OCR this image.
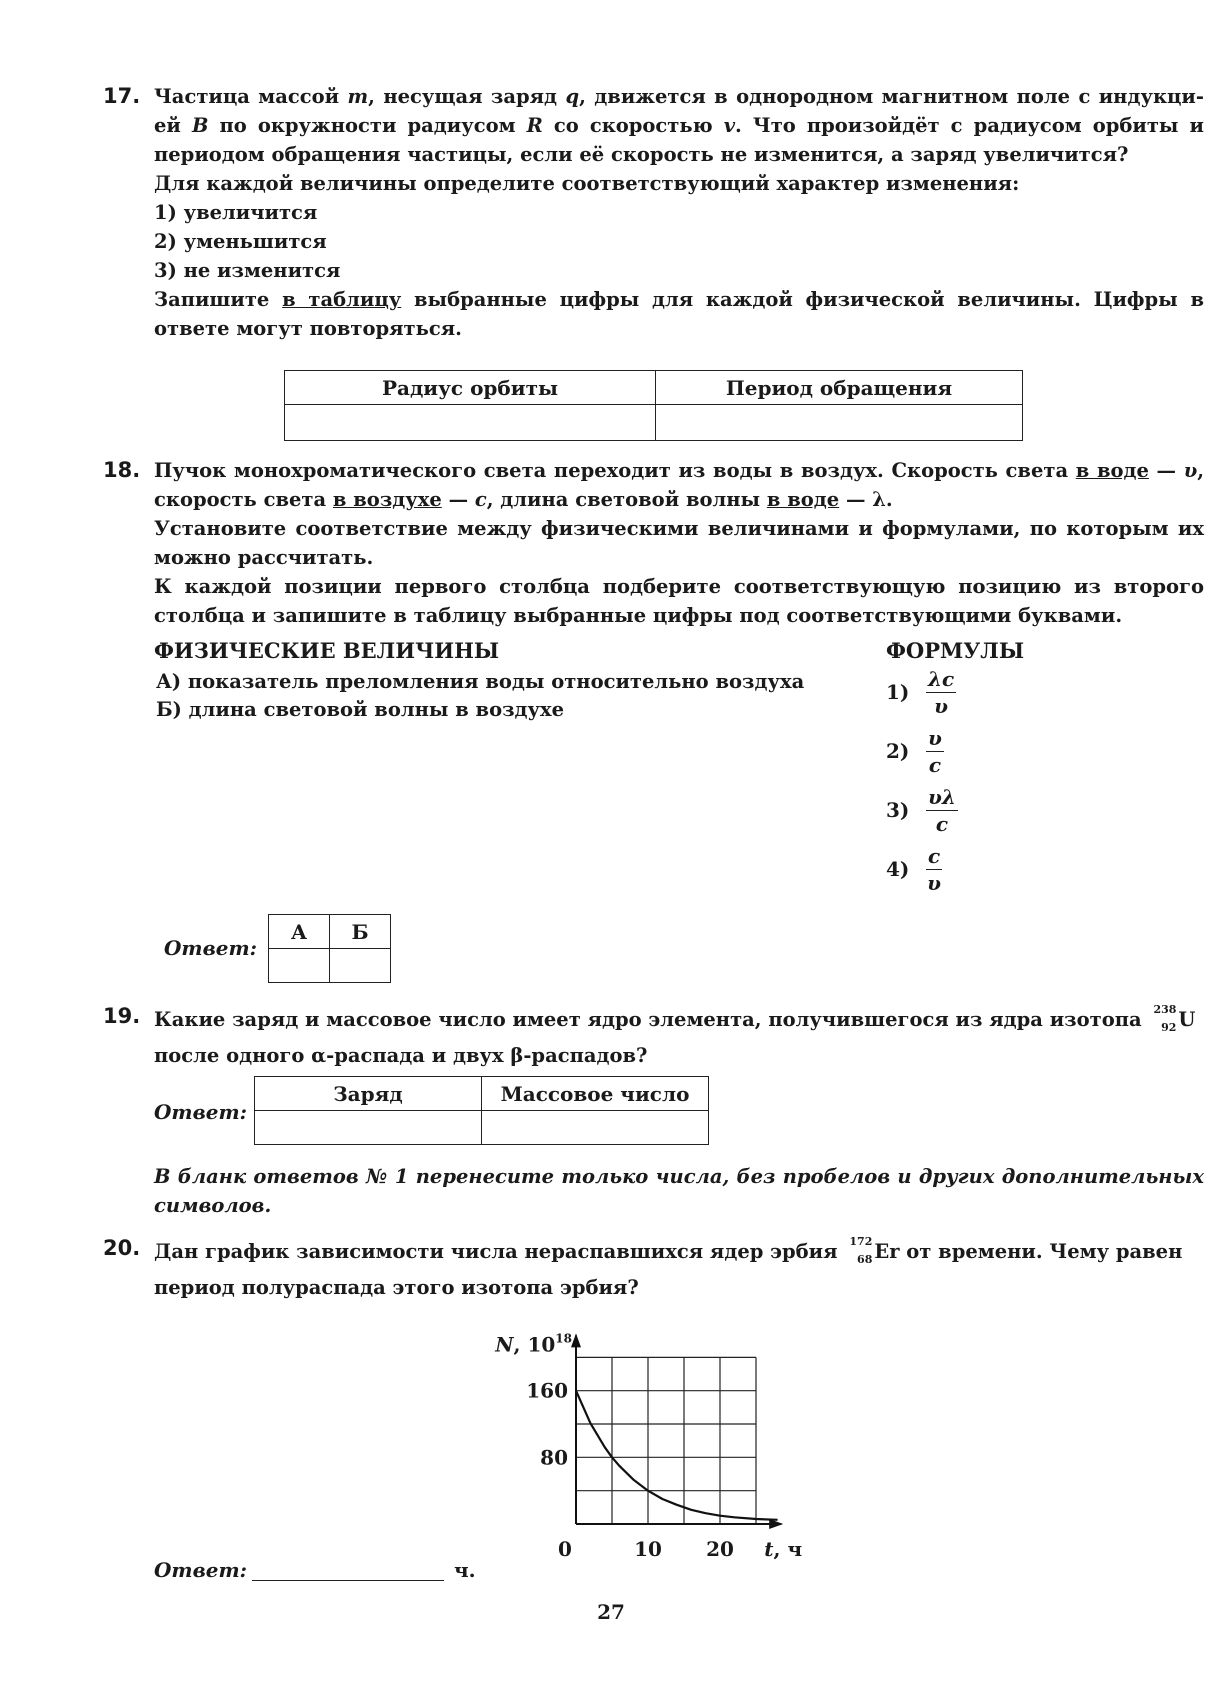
17. Частица массой m, несущая заряд q, движется в однородном магнитном поле с индукци-ей B по окружности радиусом R со скоростью v. Что произойдёт с радиусом орбиты и периодом обращения частицы, если её скорость не изменится, а заряд увеличится?

Для каждой величины определите соответствующий характер изменения:

1) увеличится

2) уменьшится

3) не изменится

Запишите в таблицу выбранные цифры для каждой физической величины. Цифры в ответе могут повторяться.

Радиус орбиты	Период обращения

18. Пучок монохроматического света переходит из воды в воздух. Скорость света в воде — υ, скорость света в воздухе — c, длина световой волны в воде — λ.

Установите соответствие между физическими величинами и формулами, по которым их можно рассчитать.

К каждой позиции первого столбца подберите соответствующую позицию из второго столбца и запишите в таблицу выбранные цифры под соответствующими буквами.

ФИЗИЧЕСКИЕ ВЕЛИЧИНЫ	ФОРМУЛЫ
А) показатель преломления воды относительно воздуха
Б) длина световой волны в воздухе
$1) \frac{\lambda c}{\upsilon}$
$2) \frac{\upsilon}{c}$
$3) \frac{\upsilon\lambda}{c}$
$4) \frac{c}{\upsilon}$
Ответ:
А	Б

19. Какие заряд и массовое число имеет ядро элемента, получившегося из ядра изотопа 238
92 U

после одного α-распада и двух β-распадов?

Ответ:
Заряд	Массовое число

В бланк ответов № 1 перенесите только числа, без пробелов и других дополнительных символов.

20. Дан график зависимости числа нераспавшихся ядер эрбия 172
68 Er от времени. Чему равен период полураспада этого изотопа эрбия?

80
160
0	10 20
N, $10^{18}$
t, ч
Ответ:	ч.
27
